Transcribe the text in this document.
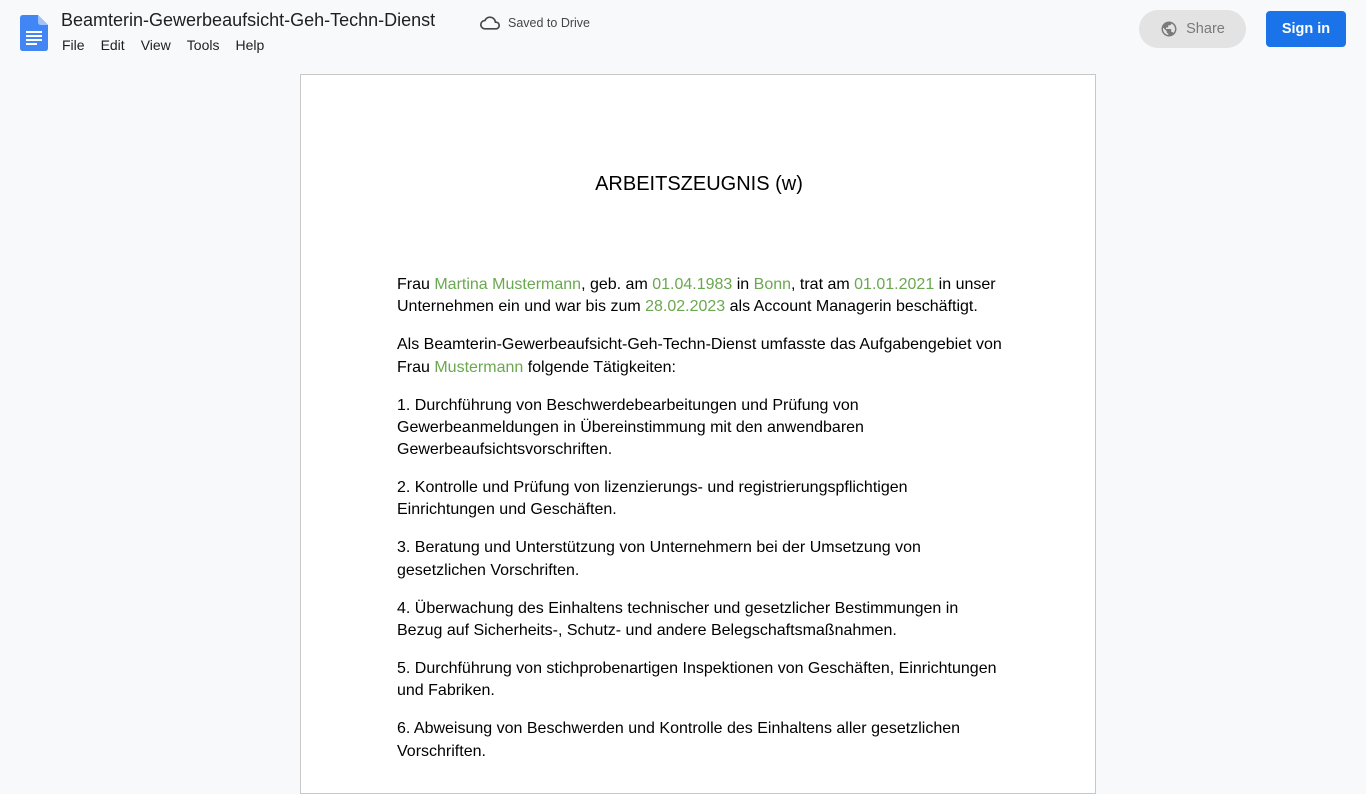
Beamterin-Gewerbeaufsicht-Geh-Techn-Dienst	Saved to Drive
File	Edit	View	Tools	Help
Share	Sign in
ARBEITSZEUGNIS (w)

Frau Martina Mustermann, geb. am 01.04.1983 in Bonn, trat am 01.01.2021 in unser Unternehmen ein und war bis zum 28.02.2023 als Account Managerin beschäftigt.

Als Beamterin-Gewerbeaufsicht-Geh-Techn-Dienst umfasste das Aufgabengebiet von Frau Mustermann folgende Tätigkeiten:

1. Durchführung von Beschwerdebearbeitungen und Prüfung von Gewerbeanmeldungen in Übereinstimmung mit den anwendbaren Gewerbeaufsichtsvorschriften.

2. Kontrolle und Prüfung von lizenzierungs- und registrierungspflichtigen Einrichtungen und Geschäften.

3. Beratung und Unterstützung von Unternehmern bei der Umsetzung von gesetzlichen Vorschriften.

4. Überwachung des Einhaltens technischer und gesetzlicher Bestimmungen in Bezug auf Sicherheits-, Schutz- und andere Belegschaftsmaßnahmen.

5. Durchführung von stichprobenartigen Inspektionen von Geschäften, Einrichtungen und Fabriken.

6. Abweisung von Beschwerden und Kontrolle des Einhaltens aller gesetzlichen Vorschriften.
